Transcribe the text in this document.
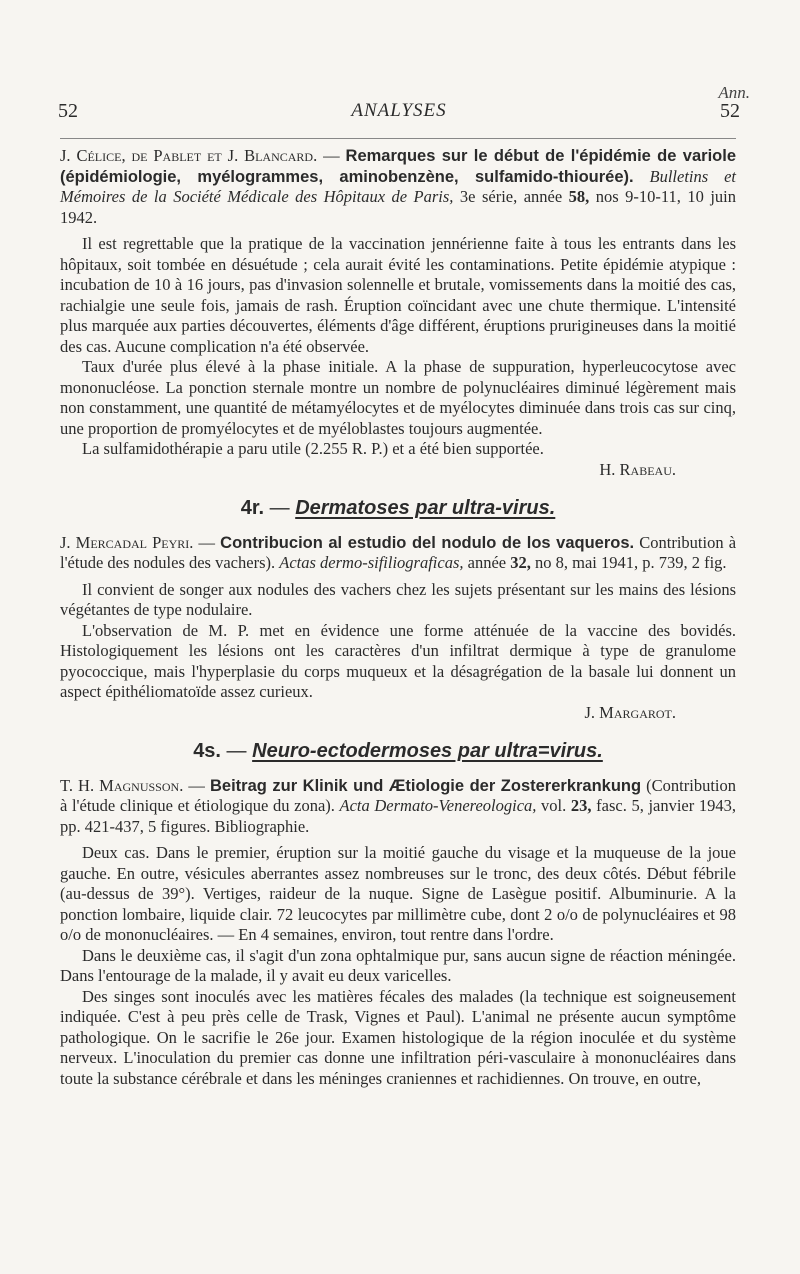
Ann.
52	ANALYSES	52

J. Célice, de Pablet et J. Blancard. — Remarques sur le début de l'épidémie de variole (épidémiologie, myélogrammes, aminobenzène, sulfamido-thiourée). Bulletins et Mémoires de la Société Médicale des Hôpitaux de Paris, 3e série, année 58, nos 9-10-11, 10 juin 1942.

Il est regrettable que la pratique de la vaccination jennérienne faite à tous les entrants dans les hôpitaux, soit tombée en désuétude ; cela aurait évité les contaminations. Petite épidémie atypique : incubation de 10 à 16 jours, pas d'invasion solennelle et brutale, vomissements dans la moitié des cas, rachialgie une seule fois, jamais de rash. Éruption coïncidant avec une chute thermique. L'intensité plus marquée aux parties découvertes, éléments d'âge différent, éruptions prurigineuses dans la moitié des cas. Aucune complication n'a été observée.

Taux d'urée plus élevé à la phase initiale. A la phase de suppuration, hyperleucocytose avec mononucléose. La ponction sternale montre un nombre de polynucléaires diminué légèrement mais non constamment, une quantité de métamyélocytes et de myélocytes diminuée dans trois cas sur cinq, une proportion de promyélocytes et de myéloblastes toujours augmentée.

La sulfamidothérapie a paru utile (2.255 R. P.) et a été bien supportée.

H. Rabeau.

4r. — Dermatoses par ultra-virus.

J. Mercadal Peyri. — Contribucion al estudio del nodulo de los vaqueros. Contribution à l'étude des nodules des vachers). Actas dermo-sifiliograficas, année 32, no 8, mai 1941, p. 739, 2 fig.

Il convient de songer aux nodules des vachers chez les sujets présentant sur les mains des lésions végétantes de type nodulaire.

L'observation de M. P. met en évidence une forme atténuée de la vaccine des bovidés. Histologiquement les lésions ont les caractères d'un infiltrat dermique à type de granulome pyococcique, mais l'hyperplasie du corps muqueux et la désagrégation de la basale lui donnent un aspect épithéliomatoïde assez curieux.

J. Margarot.

4s. — Neuro-ectodermoses par ultra=virus.

T. H. Magnusson. — Beitrag zur Klinik und Ætiologie der Zostererkrankung (Contribution à l'étude clinique et étiologique du zona). Acta Dermato-Venereologica, vol. 23, fasc. 5, janvier 1943, pp. 421-437, 5 figures. Bibliographie.

Deux cas. Dans le premier, éruption sur la moitié gauche du visage et la muqueuse de la joue gauche. En outre, vésicules aberrantes assez nombreuses sur le tronc, des deux côtés. Début fébrile (au-dessus de 39°). Vertiges, raideur de la nuque. Signe de Lasègue positif. Albuminurie. A la ponction lombaire, liquide clair. 72 leucocytes par millimètre cube, dont 2 o/o de polynucléaires et 98 o/o de mononucléaires. — En 4 semaines, environ, tout rentre dans l'ordre.

Dans le deuxième cas, il s'agit d'un zona ophtalmique pur, sans aucun signe de réaction méningée. Dans l'entourage de la malade, il y avait eu deux varicelles.

Des singes sont inoculés avec les matières fécales des malades (la technique est soigneusement indiquée. C'est à peu près celle de Trask, Vignes et Paul). L'animal ne présente aucun symptôme pathologique. On le sacrifie le 26e jour. Examen histologique de la région inoculée et du système nerveux. L'inoculation du premier cas donne une infiltration péri-vasculaire à mononucléaires dans toute la substance cérébrale et dans les méninges craniennes et rachidiennes. On trouve, en outre,
